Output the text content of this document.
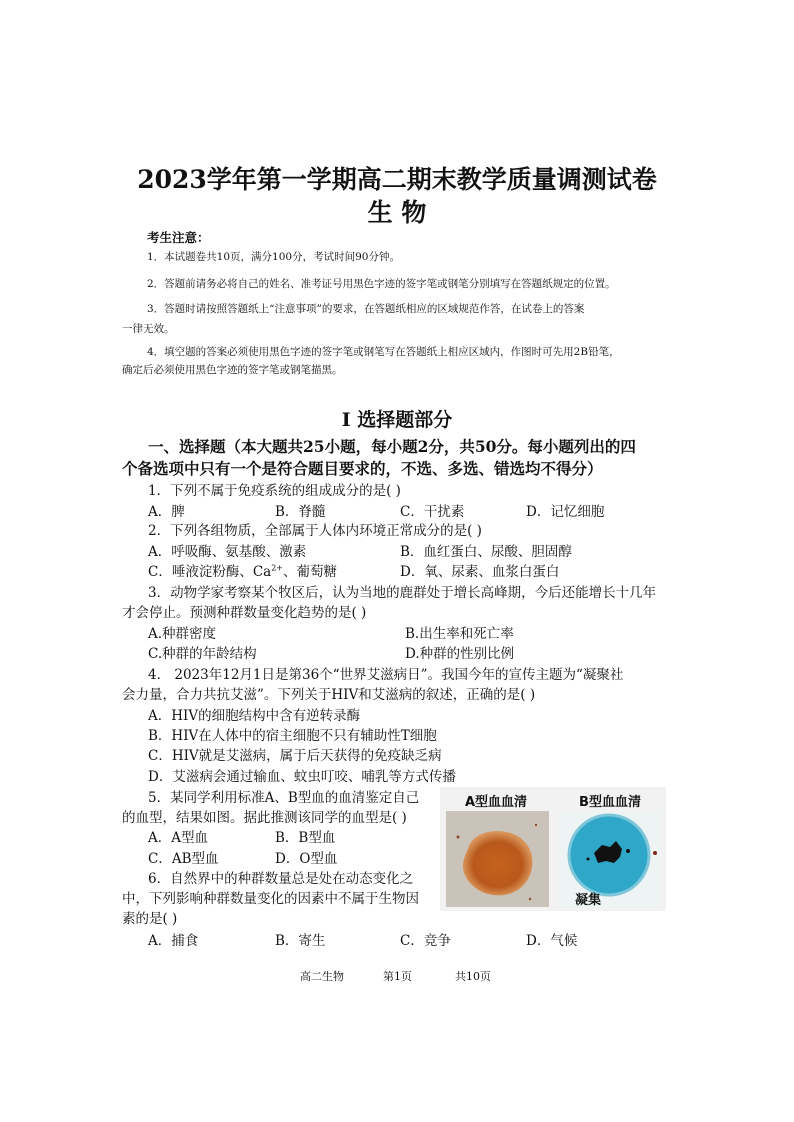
2023学年第一学期高二期末教学质量调测试卷
生 物
考生注意：
1．本试题卷共10页，满分100分，考试时间90分钟。
2．答题前请务必将自己的姓名、准考证号用黑色字迹的签字笔或钢笔分别填写在答题纸规定的位置。
3．答题时请按照答题纸上“注意事项”的要求，在答题纸相应的区域规范作答，在试卷上的答案
一律无效。
4．填空题的答案必须使用黑色字迹的签字笔或钢笔写在答题纸上相应区域内，作图时可先用2B铅笔，
确定后必须使用黑色字迹的签字笔或钢笔描黑。
Ⅰ 选择题部分
一、选择题（本大题共25小题，每小题2分，共50分。每小题列出的四
个备选项中只有一个是符合题目要求的，不选、多选、错选均不得分）
1．下列不属于免疫系统的组成成分的是( )
A．脾	B．脊髓	C．干扰素	D．记忆细胞
2．下列各组物质，全部属于人体内环境正常成分的是( )
A．呼吸酶、氨基酸、激素	B．血红蛋白、尿酸、胆固醇
C．唾液淀粉酶、$Ca^{2+}$、葡萄糖	D．氧、尿素、血浆白蛋白
3．动物学家考察某个牧区后，认为当地的鹿群处于增长高峰期，今后还能增长十几年
才会停止。预测种群数量变化趋势的是( )
A.种群密度	B.出生率和死亡率
C.种群的年龄结构	D.种群的性别比例
4． 2023年12月1日是第36个“世界艾滋病日”。我国今年的宣传主题为“凝聚社
会力量，合力共抗艾滋”。下列关于HIV和艾滋病的叙述，正确的是( )
A．HIV的细胞结构中含有逆转录酶
B．HIV在人体中的宿主细胞不只有辅助性T细胞
C．HIV就是艾滋病，属于后天获得的免疫缺乏病
D．艾滋病会通过输血、蚊虫叮咬、哺乳等方式传播
5．某同学利用标准A、B型血的血清鉴定自己
的血型，结果如图。据此推测该同学的血型是( )
A．A型血	B．B型血
C．AB型血	D．O型血
6．自然界中的种群数量总是处在动态变化之
中，下列影响种群数量变化的因素中不属于生物因
素的是( )
A．捕食	B．寄生	C．竞争	D．气候
A型血血清	B型血血清
凝集
高二生物	第1页	共10页
